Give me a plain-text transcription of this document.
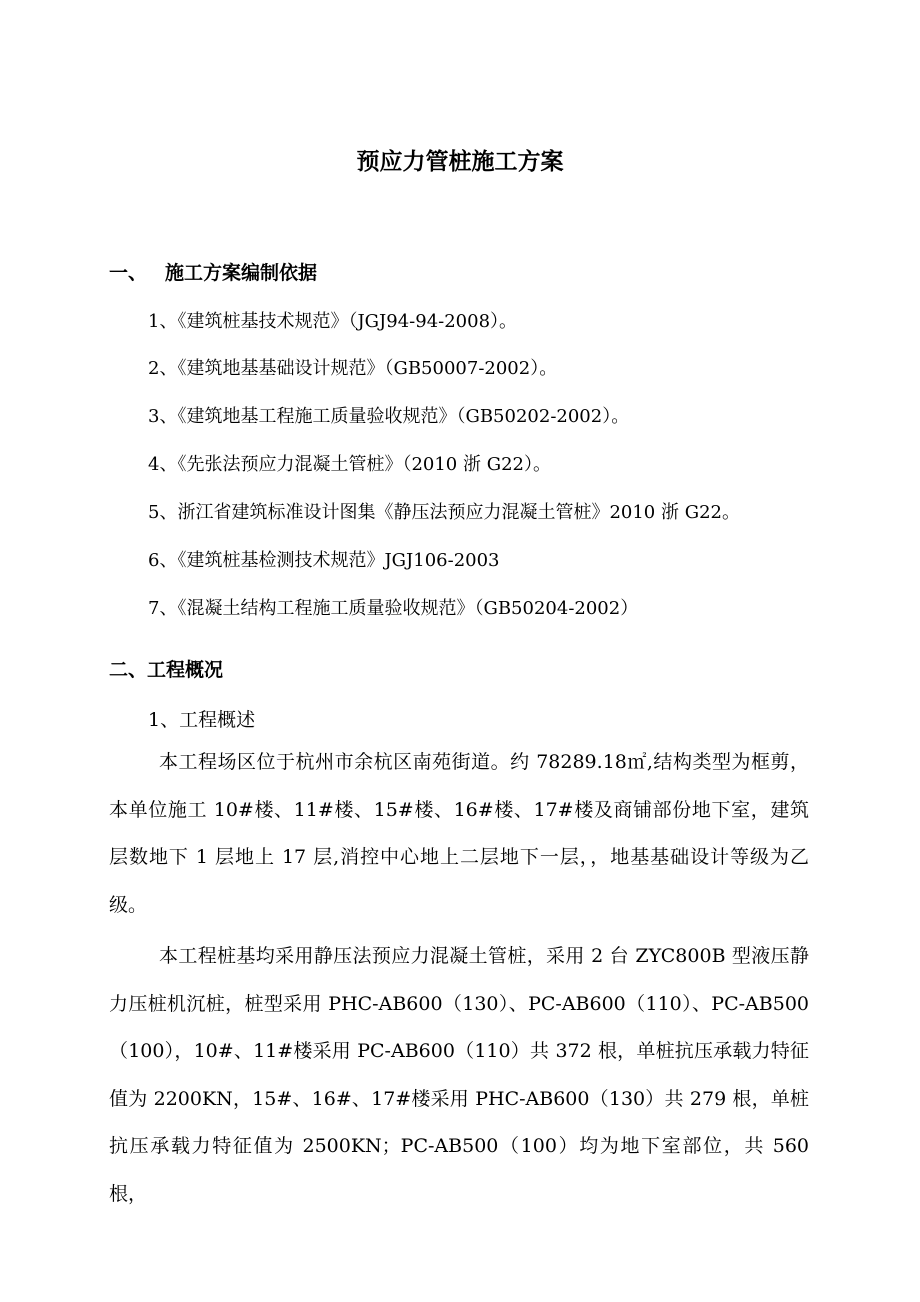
预应力管桩施工方案
一、 施工方案编制依据
1、《建筑桩基技术规范》（JGJ94-94-2008）。
2、《建筑地基基础设计规范》（GB50007-2002）。
3、《建筑地基工程施工质量验收规范》（GB50202-2002）。
4、《先张法预应力混凝土管桩》（2010 浙 G22）。
5、浙江省建筑标准设计图集《静压法预应力混凝土管桩》2010 浙 G22。
6、《建筑桩基检测技术规范》JGJ106-2003
7、《混凝土结构工程施工质量验收规范》（GB50204-2002）
二、工程概况
1、工程概述
本工程场区位于杭州市余杭区南苑街道。约 78289.18㎡,结构类型为框剪，本单位施工 10#楼、11#楼、15#楼、16#楼、17#楼及商铺部份地下室，建筑层数地下 1 层地上 17 层,消控中心地上二层地下一层，，地基基础设计等级为乙级。
本工程桩基均采用静压法预应力混凝土管桩，采用 2 台 ZYC800B 型液压静力压桩机沉桩，桩型采用 PHC-AB600（130）、PC-AB600（110）、PC-AB500（100），10#、11#楼采用 PC-AB600（110）共 372 根，单桩抗压承载力特征值为 2200KN，15#、16#、17#楼采用 PHC-AB600（130）共 279 根，单桩抗压承载力特征值为 2500KN；PC-AB500（100）均为地下室部位，共 560 根，
